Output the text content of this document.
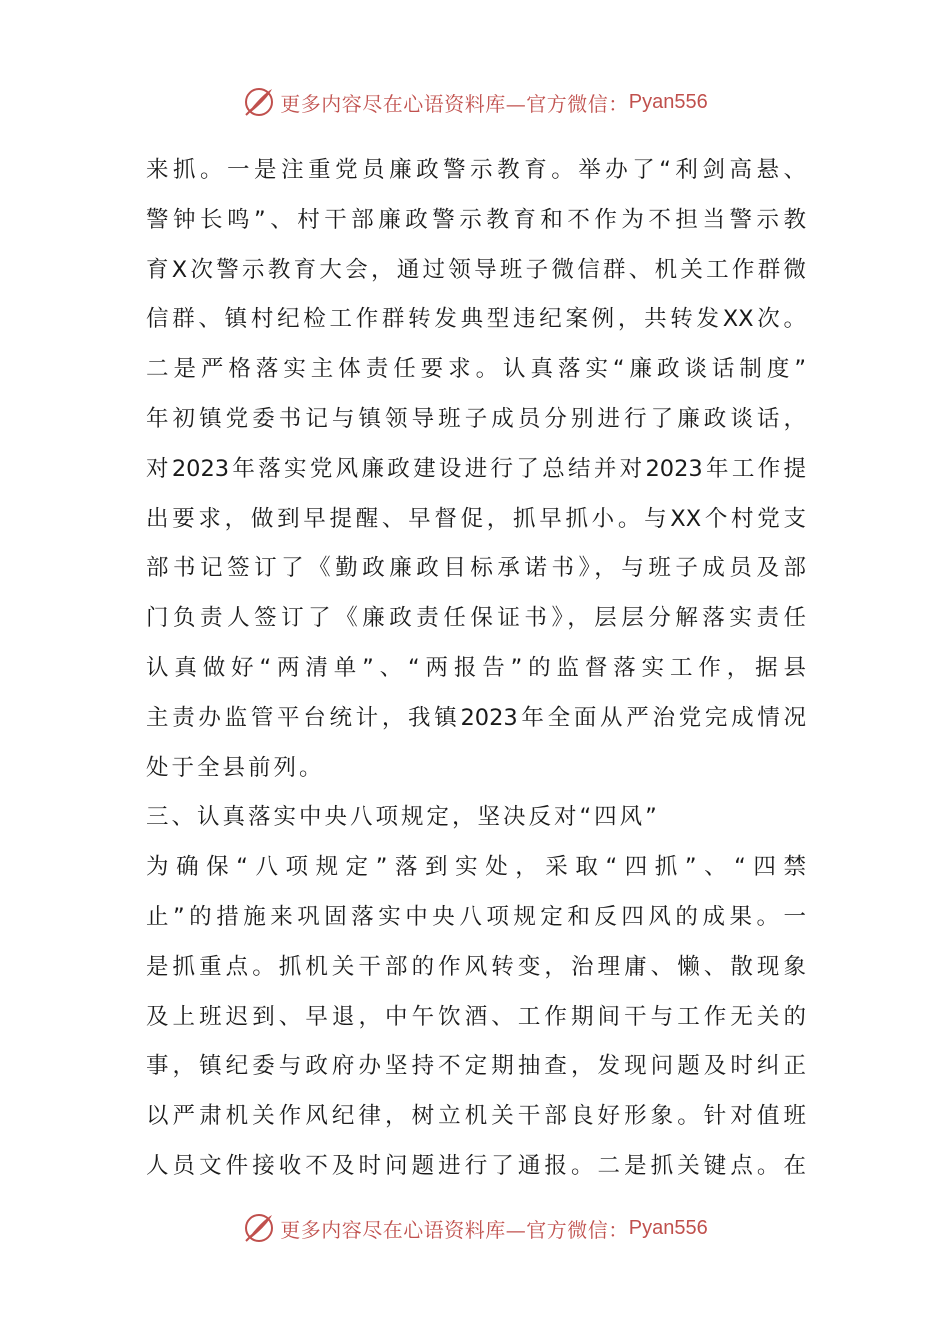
更多内容尽在心语资料库—官方微信： Pyan556
来抓。一是注重党员廉政警示教育。举办了“利剑高悬、
警钟长鸣”、村干部廉政警示教育和不作为不担当警示教
育X次警示教育大会，通过领导班子微信群、机关工作群微
信群、镇村纪检工作群转发典型违纪案例，共转发XX次。
二是严格落实主体责任要求。认真落实“廉政谈话制度”
年初镇党委书记与镇领导班子成员分别进行了廉政谈话，
对2023年落实党风廉政建设进行了总结并对2023年工作提
出要求，做到早提醒、早督促，抓早抓小。与XX个村党支
部书记签订了《勤政廉政目标承诺书》，与班子成员及部
门负责人签订了《廉政责任保证书》，层层分解落实责任
认真做好“两清单”、“两报告”的监督落实工作，据县
主责办监管平台统计，我镇2023年全面从严治党完成情况
处于全县前列。
三、认真落实中央八项规定，坚决反对“四风”
为确保“八项规定”落到实处，采取“四抓”、“四禁
止”的措施来巩固落实中央八项规定和反四风的成果。一
是抓重点。抓机关干部的作风转变，治理庸、懒、散现象
及上班迟到、早退，中午饮酒、工作期间干与工作无关的
事，镇纪委与政府办坚持不定期抽查，发现问题及时纠正
以严肃机关作风纪律，树立机关干部良好形象。针对值班
人员文件接收不及时问题进行了通报。二是抓关键点。在
更多内容尽在心语资料库—官方微信： Pyan556
